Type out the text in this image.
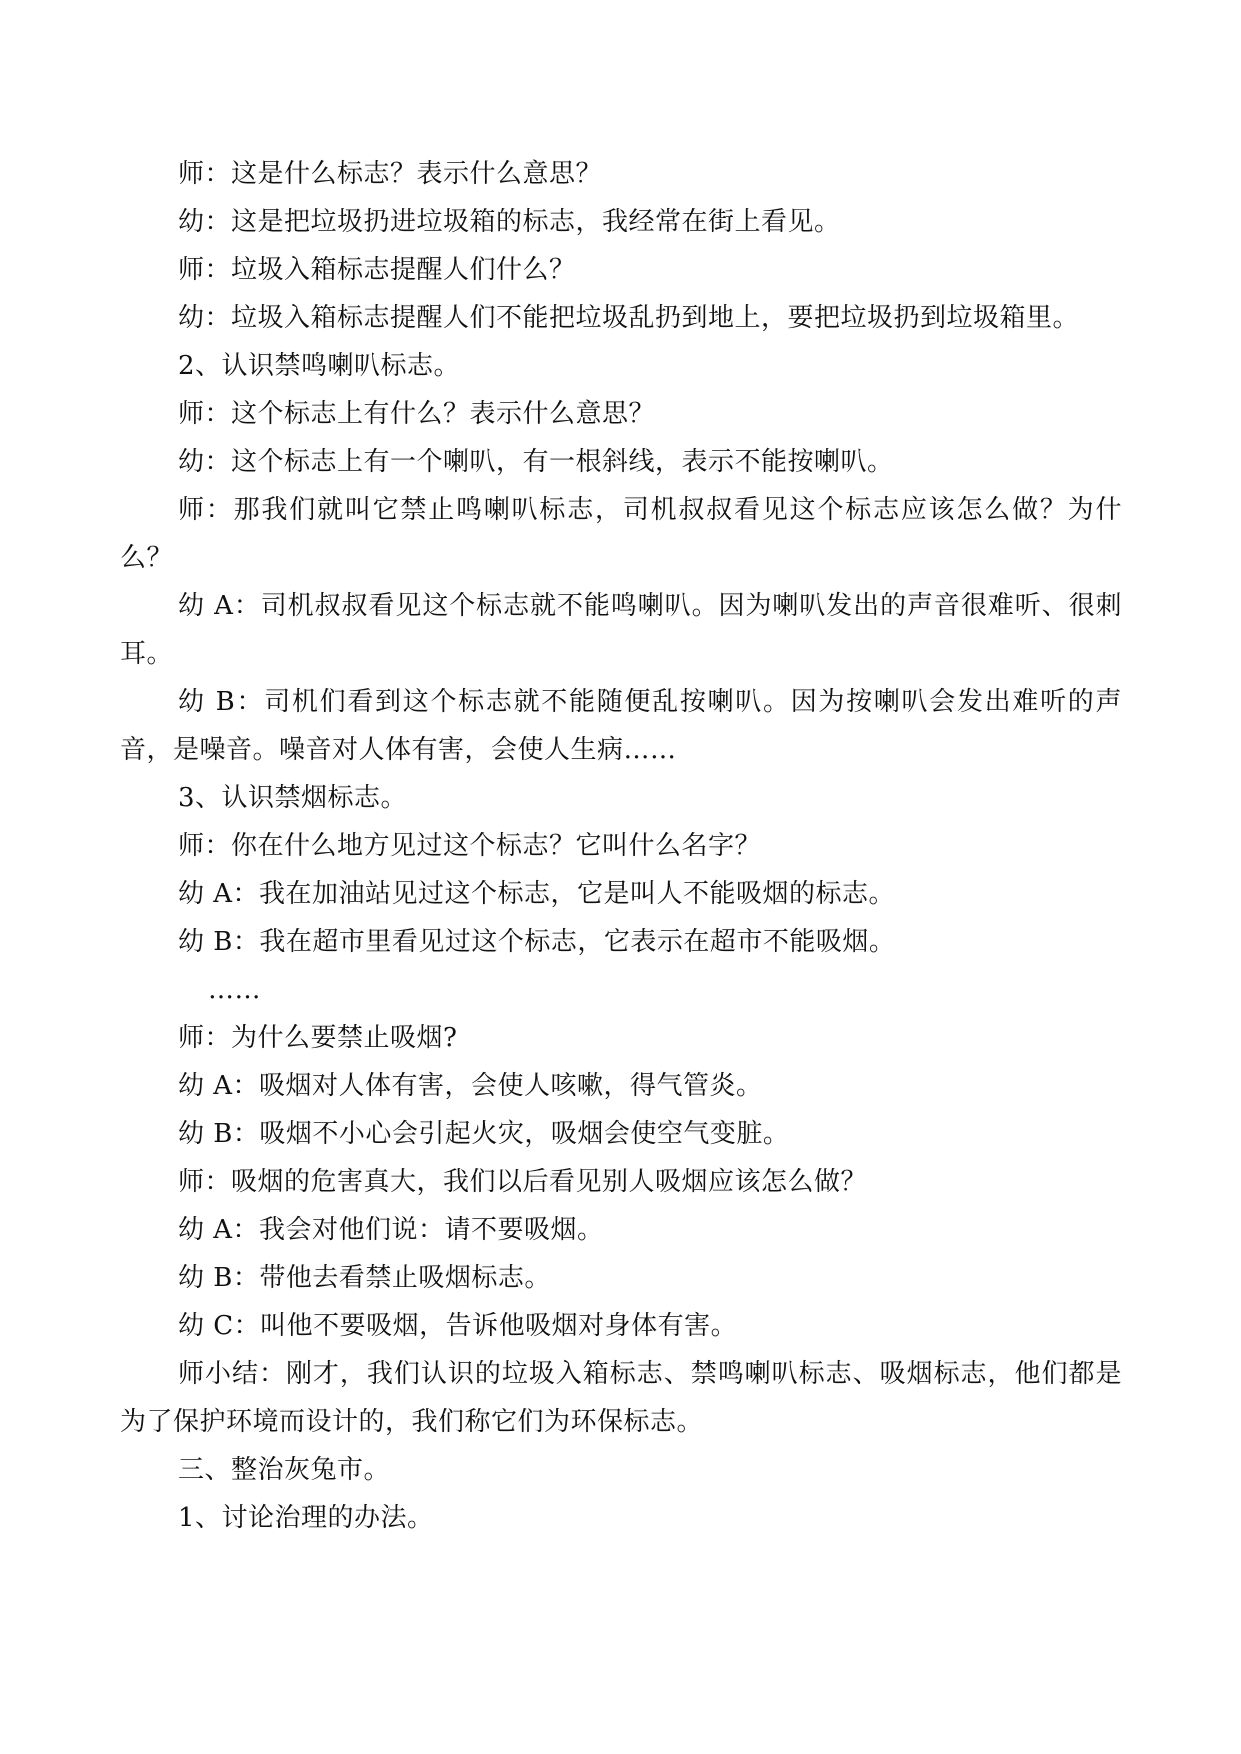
师：这是什么标志？表示什么意思？

幼：这是把垃圾扔进垃圾箱的标志，我经常在街上看见。

师：垃圾入箱标志提醒人们什么？

幼：垃圾入箱标志提醒人们不能把垃圾乱扔到地上，要把垃圾扔到垃圾箱里。

2、认识禁鸣喇叭标志。

师：这个标志上有什么？表示什么意思？

幼：这个标志上有一个喇叭，有一根斜线，表示不能按喇叭。

师：那我们就叫它禁止鸣喇叭标志，司机叔叔看见这个标志应该怎么做？为什么？

幼 A：司机叔叔看见这个标志就不能鸣喇叭。因为喇叭发出的声音很难听、很刺耳。

幼 B：司机们看到这个标志就不能随便乱按喇叭。因为按喇叭会发出难听的声音，是噪音。噪音对人体有害，会使人生病……

3、认识禁烟标志。

师：你在什么地方见过这个标志？它叫什么名字？

幼 A：我在加油站见过这个标志，它是叫人不能吸烟的标志。

幼 B：我在超市里看见过这个标志，它表示在超市不能吸烟。

……

师：为什么要禁止吸烟?

幼 A：吸烟对人体有害，会使人咳嗽，得气管炎。

幼 B：吸烟不小心会引起火灾，吸烟会使空气变脏。

师：吸烟的危害真大，我们以后看见别人吸烟应该怎么做？

幼 A：我会对他们说：请不要吸烟。

幼 B：带他去看禁止吸烟标志。

幼 C：叫他不要吸烟，告诉他吸烟对身体有害。

师小结：刚才，我们认识的垃圾入箱标志、禁鸣喇叭标志、吸烟标志，他们都是为了保护环境而设计的，我们称它们为环保标志。

三、整治灰兔市。

1、讨论治理的办法。
